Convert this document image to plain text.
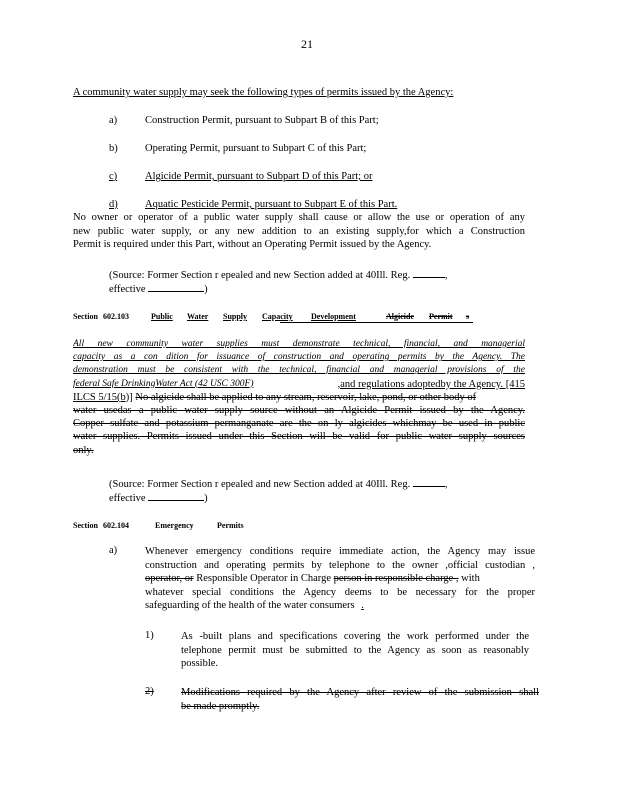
21
A community water supply may seek the following types of permits issued by the Agency:
a)	Construction Permit, pursuant to Subpart B of this Part;
b)	Operating Permit, pursuant to Subpart C of this Part;
c)	Algicide Permit, pursuant to Subpart D of this Part; or
d)	Aquatic Pesticide Permit, pursuant to Subpart E of this Part.
No owner or operator of a public water supply shall cause or allow the use or operation of any
new public water supply, or any new addition to an existing supply,for which a Construction
Permit is required under this Part, without an Operating Permit issued by the Agency.
(Source: Former Section r epealed and new Section added at 40Ill. Reg.	,
effective	)
Section 602.103	Public Water Supply Capacity Development	Algicide Permit s
All new community water supplies must demonstrate technical, financial, and managerial
capacity as a con dition for issuance of construction and operating permits by the Agency. The
demonstration must be consistent with the technical, financial and managerial provisions of the
federal Safe DrinkingWater Act (42 USC 300F)	,and regulations adoptedby the Agency. [415
ILCS 5/15(b)] No algicide shall be applied to any stream, reservoir, lake, pond, or other body of
water usedas a public water supply source without an Algicide Permit issued by the Agency.
Copper sulfate and potassium permanganate are the on ly algicides whichmay be used in public
water supplies. Permits issued under this Section will be valid for public water supply sources
only.
(Source: Former Section r epealed and new Section added at 40Ill. Reg.	,
effective	)
Section 602.104	Emergency	Permits
a)	Whenever emergency conditions require immediate action, the Agency may issue
construction and operating permits by telephone to the owner ,official custodian ,
operator, or Responsible Operator in Charge person in responsible charge , with
whatever special conditions the Agency deems to be necessary for the proper
safeguarding of the health of the water consumers .
1)	As -built plans and specifications covering the work performed under the
telephone permit must be submitted to the Agency as soon as reasonably
possible.
2)	Modifications required by the Agency after review of the submission shall
be made promptly.
